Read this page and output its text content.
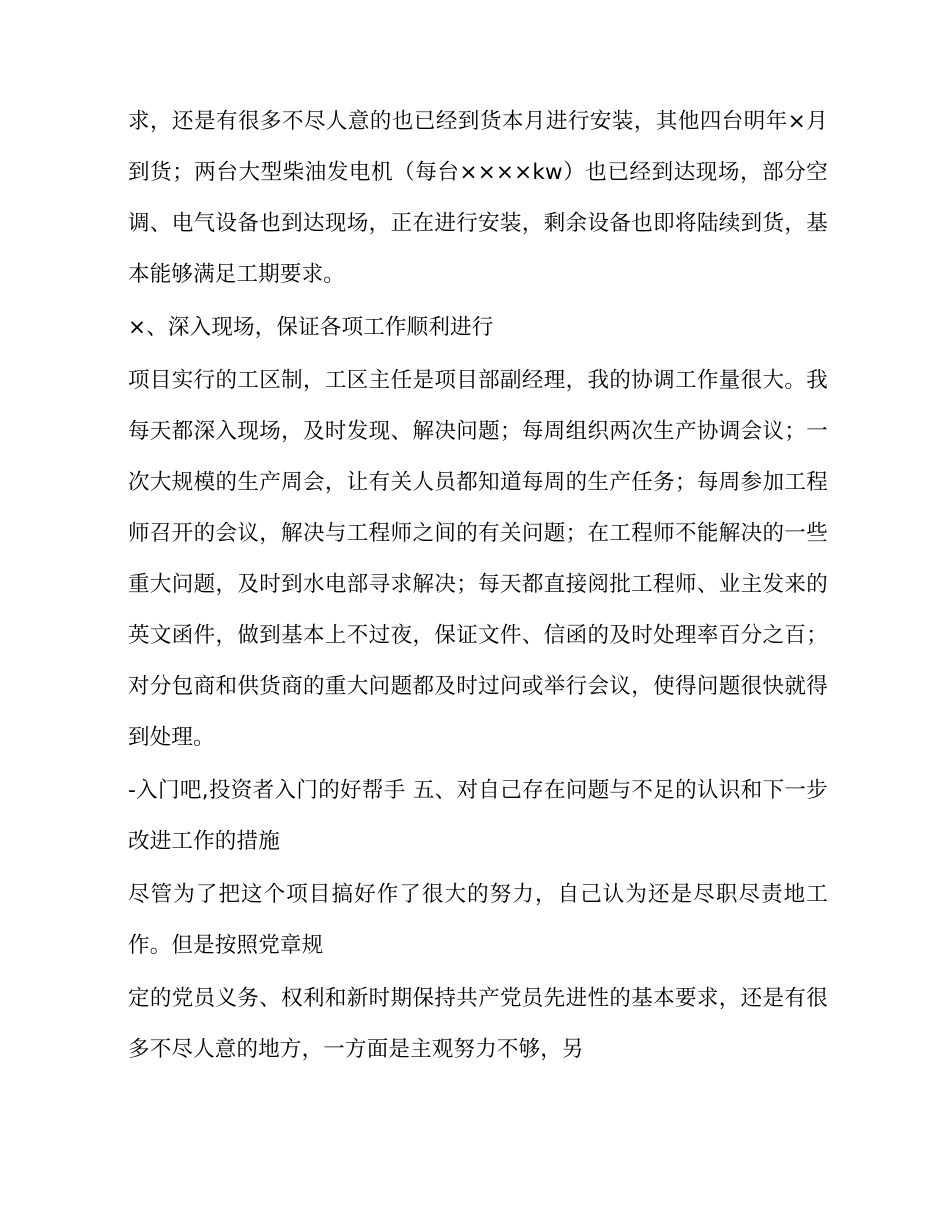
求，还是有很多不尽人意的也已经到货本月进行安装，其他四台明年×月到货；两台大型柴油发电机（每台××××kw）也已经到达现场，部分空调、电气设备也到达现场，正在进行安装，剩余设备也即将陆续到货，基本能够满足工期要求。

×、深入现场，保证各项工作顺利进行

项目实行的工区制，工区主任是项目部副经理，我的协调工作量很大。我每天都深入现场，及时发现、解决问题；每周组织两次生产协调会议；一次大规模的生产周会，让有关人员都知道每周的生产任务；每周参加工程师召开的会议，解决与工程师之间的有关问题；在工程师不能解决的一些重大问题，及时到水电部寻求解决；每天都直接阅批工程师、业主发来的英文函件，做到基本上不过夜，保证文件、信函的及时处理率百分之百；对分包商和供货商的重大问题都及时过问或举行会议，使得问题很快就得到处理。

-入门吧,投资者入门的好帮手 五、对自己存在问题与不足的认识和下一步改进工作的措施

尽管为了把这个项目搞好作了很大的努力，自己认为还是尽职尽责地工作。但是按照党章规

定的党员义务、权利和新时期保持共产党员先进性的基本要求，还是有很多不尽人意的地方，一方面是主观努力不够，另
